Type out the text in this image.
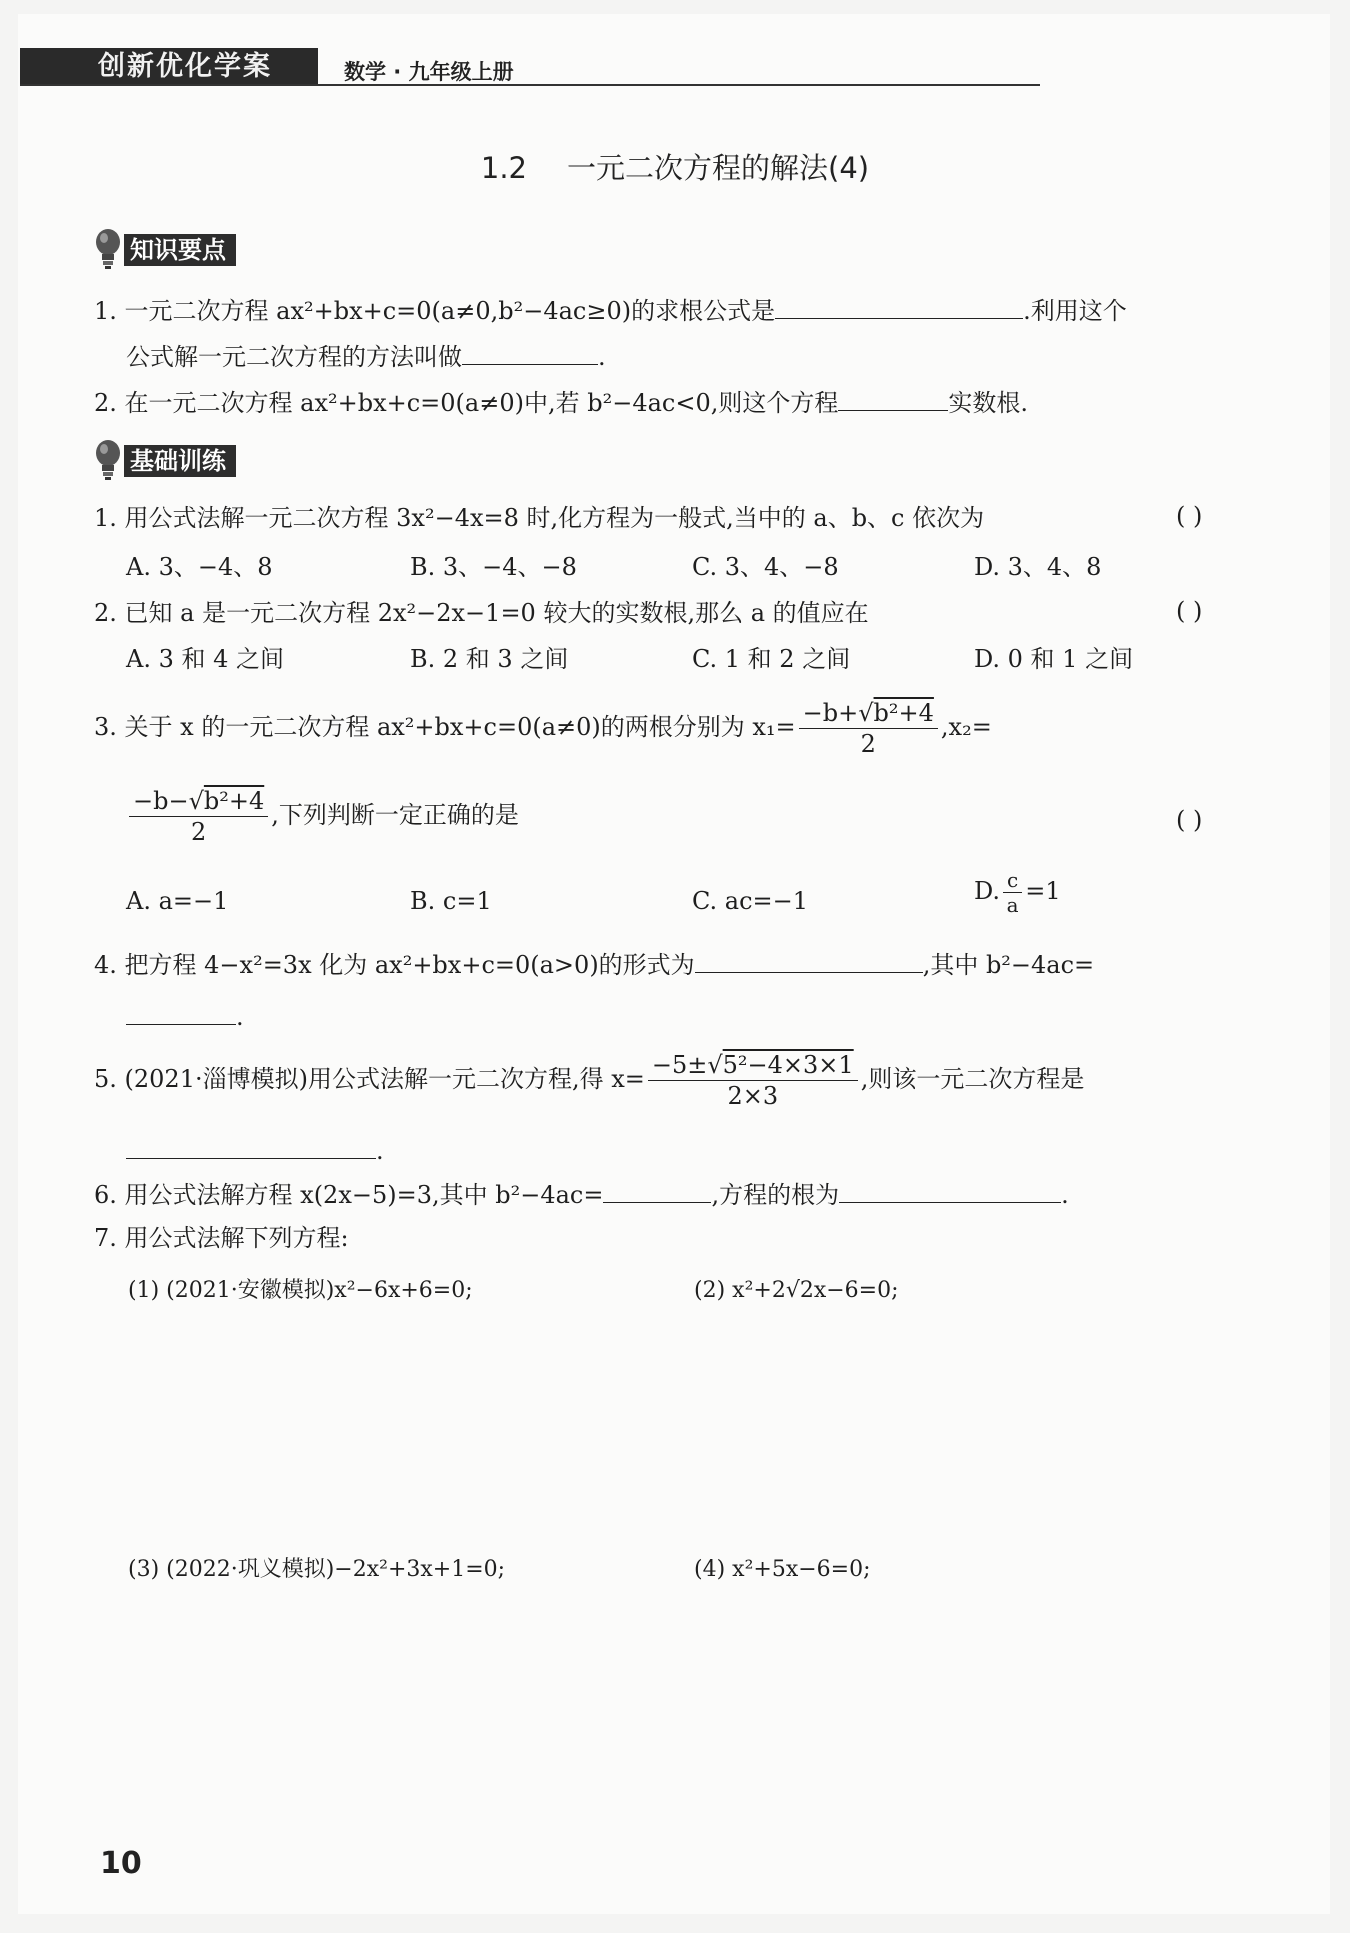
创新优化学案	数学 · 九年级上册
1.2 一元二次方程的解法(4)
知识要点
1. 一元二次方程 ax²+bx+c=0(a≠0,b²−4ac≥0)的求根公式是	.利用这个
公式解一元二次方程的方法叫做	.
2. 在一元二次方程 ax²+bx+c=0(a≠0)中,若 b²−4ac<0,则这个方程	实数根.
基础训练
1. 用公式法解一元二次方程 3x²−4x=8 时,化方程为一般式,当中的 a、b、c 依次为	( )
A. 3、−4、8	B. 3、−4、−8	C. 3、4、−8	D. 3、4、8
2. 已知 a 是一元二次方程 2x²−2x−1=0 较大的实数根,那么 a 的值应在	( )
A. 3 和 4 之间	B. 2 和 3 之间	C. 1 和 2 之间	D. 0 和 1 之间
3. 关于 x 的一元二次方程 ax²+bx+c=0(a≠0)的两根分别为 $x_1= \frac{\text{−b+√b²+4}}{2} ,x_2=$
$\frac{\text{−b−√b²+4}}{2}$ ,下列判断一定正确的是	( )
A. a=−1	B. c=1	C. ac=−1	D. $\frac{c}{a} =1$
4. 把方程 4−x²=3x 化为 ax²+bx+c=0(a>0)的形式为	,其中 b²−4ac=
.
5. (2021·淄博模拟)用公式法解一元二次方程,得 $x= \frac{\text{−5±√5²−4×3×1}}{2\times 3}$ ,则该一元二次方程是
.
6. 用公式法解方程 x(2x−5)=3,其中 b²−4ac=	,方程的根为	.
7. 用公式法解下列方程:
(1) (2021·安徽模拟)x²−6x+6=0;	(2) x²+2√2x−6=0;
(3) (2022·巩义模拟)−2x²+3x+1=0;	(4) x²+5x−6=0;
10
